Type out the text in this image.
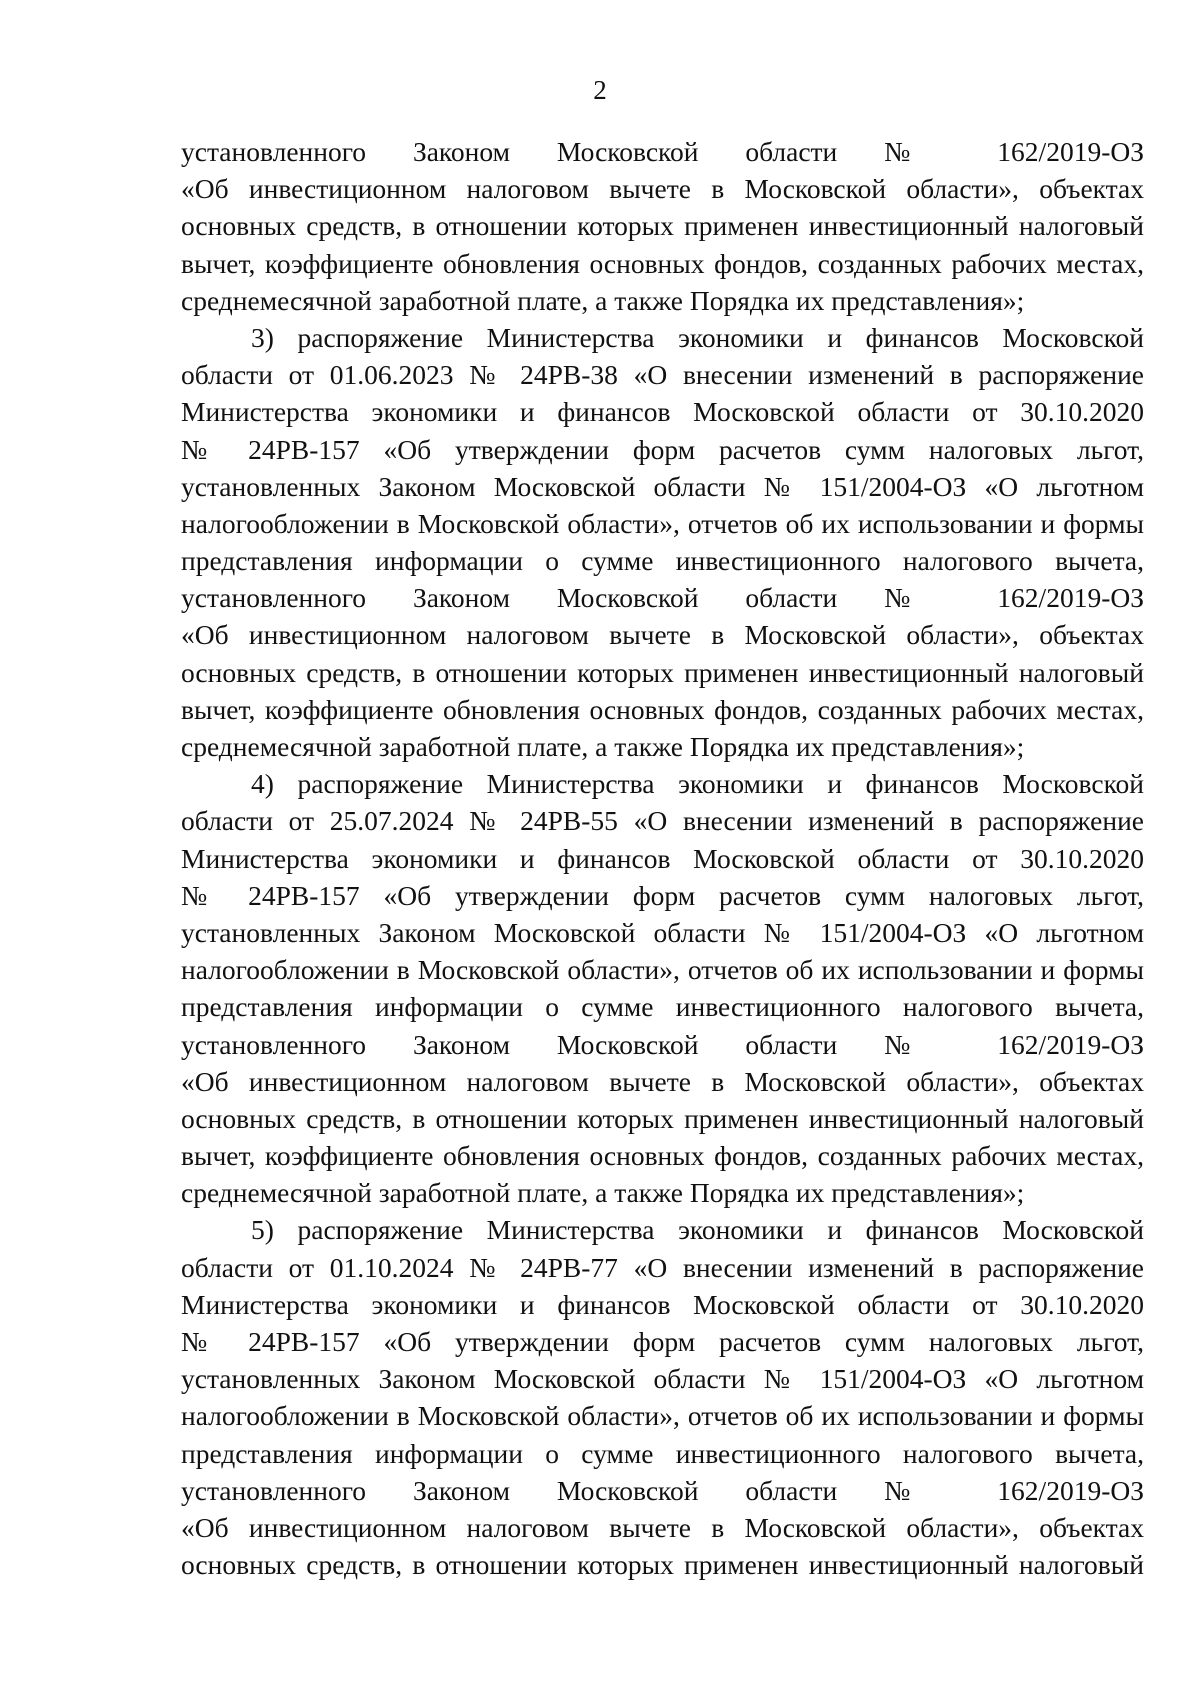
2
установленного Законом Московской области № 162/2019-ОЗ
«Об инвестиционном налоговом вычете в Московской области», объектах
основных средств, в отношении которых применен инвестиционный налоговый
вычет, коэффициенте обновления основных фондов, созданных рабочих местах,
среднемесячной заработной плате, а также Порядка их представления»;
3) распоряжение Министерства экономики и финансов Московской
области от 01.06.2023 № 24РВ-38 «О внесении изменений в распоряжение
Министерства экономики и финансов Московской области от 30.10.2020
№ 24РВ-157 «Об утверждении форм расчетов сумм налоговых льгот,
установленных Законом Московской области № 151/2004-ОЗ «О льготном
налогообложении в Московской области», отчетов об их использовании и формы
представления информации о сумме инвестиционного налогового вычета,
установленного Законом Московской области № 162/2019-ОЗ
«Об инвестиционном налоговом вычете в Московской области», объектах
основных средств, в отношении которых применен инвестиционный налоговый
вычет, коэффициенте обновления основных фондов, созданных рабочих местах,
среднемесячной заработной плате, а также Порядка их представления»;
4) распоряжение Министерства экономики и финансов Московской
области от 25.07.2024 № 24РВ-55 «О внесении изменений в распоряжение
Министерства экономики и финансов Московской области от 30.10.2020
№ 24РВ-157 «Об утверждении форм расчетов сумм налоговых льгот,
установленных Законом Московской области № 151/2004-ОЗ «О льготном
налогообложении в Московской области», отчетов об их использовании и формы
представления информации о сумме инвестиционного налогового вычета,
установленного Законом Московской области № 162/2019-ОЗ
«Об инвестиционном налоговом вычете в Московской области», объектах
основных средств, в отношении которых применен инвестиционный налоговый
вычет, коэффициенте обновления основных фондов, созданных рабочих местах,
среднемесячной заработной плате, а также Порядка их представления»;
5) распоряжение Министерства экономики и финансов Московской
области от 01.10.2024 № 24РВ-77 «О внесении изменений в распоряжение
Министерства экономики и финансов Московской области от 30.10.2020
№ 24РВ-157 «Об утверждении форм расчетов сумм налоговых льгот,
установленных Законом Московской области № 151/2004-ОЗ «О льготном
налогообложении в Московской области», отчетов об их использовании и формы
представления информации о сумме инвестиционного налогового вычета,
установленного Законом Московской области № 162/2019-ОЗ
«Об инвестиционном налоговом вычете в Московской области», объектах
основных средств, в отношении которых применен инвестиционный налоговый
